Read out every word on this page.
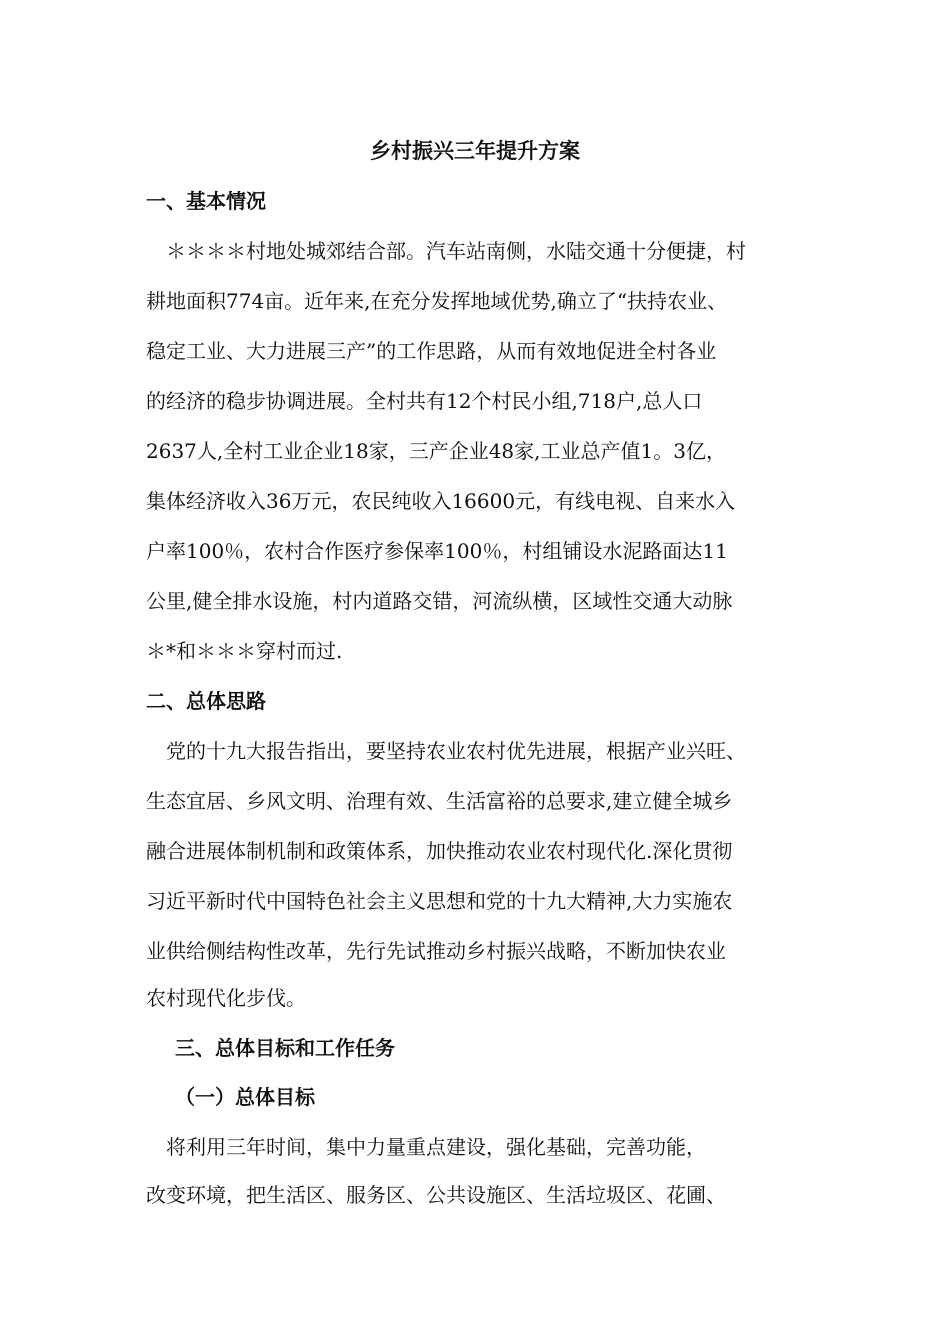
乡村振兴三年提升方案
一、基本情况
　＊＊＊＊村地处城郊结合部。汽车站南侧，水陆交通十分便捷，村
耕地面积774亩。近年来,在充分发挥地域优势,确立了“扶持农业、
稳定工业、大力进展三产”的工作思路，从而有效地促进全村各业
的经济的稳步协调进展。全村共有12个村民小组,718户,总人口
2637人,全村工业企业18家，三产企业48家,工业总产值1。3亿，
集体经济收入36万元，农民纯收入16600元，有线电视、自来水入
户率100％，农村合作医疗参保率100％，村组铺设水泥路面达11
公里,健全排水设施，村内道路交错，河流纵横，区域性交通大动脉
＊*和＊＊＊穿村而过.
二、总体思路
　党的十九大报告指出，要坚持农业农村优先进展，根据产业兴旺、
生态宜居、乡风文明、治理有效、生活富裕的总要求,建立健全城乡
融合进展体制机制和政策体系，加快推动农业农村现代化.深化贯彻
习近平新时代中国特色社会主义思想和党的十九大精神,大力实施农
业供给侧结构性改革，先行先试推动乡村振兴战略，不断加快农业
农村现代化步伐。
三、总体目标和工作任务
（一）总体目标
　将利用三年时间，集中力量重点建设，强化基础，完善功能，
改变环境，把生活区、服务区、公共设施区、生活垃圾区、花圃、
